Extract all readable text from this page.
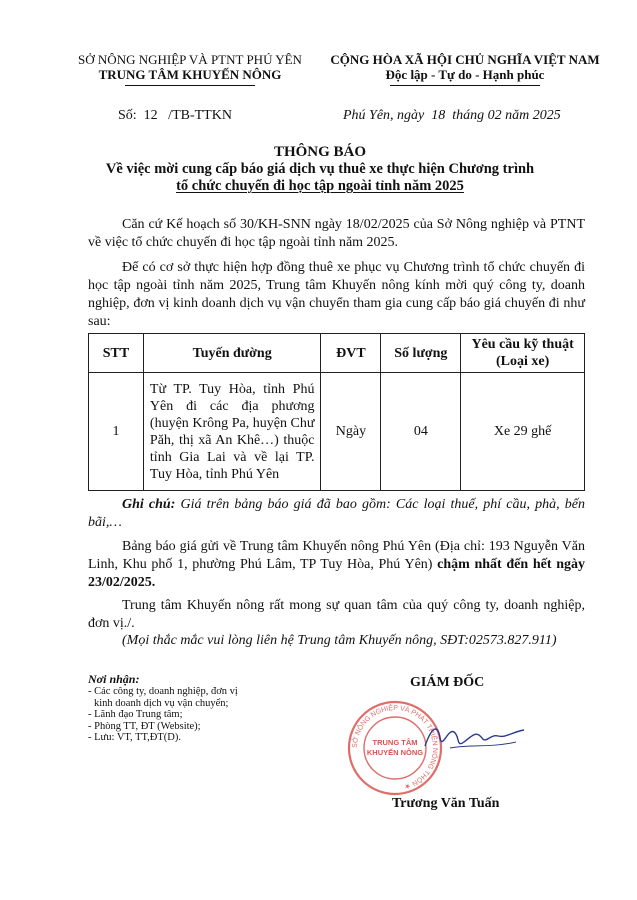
SỞ NÔNG NGHIỆP VÀ PTNT PHÚ YÊN
TRUNG TÂM KHUYẾN NÔNG
CỘNG HÒA XÃ HỘI CHỦ NGHĨA VIỆT NAM
Độc lập - Tự do - Hạnh phúc
Số:  12   /TB-TTKN	Phú Yên, ngày  18  tháng 02 năm 2025
THÔNG BÁO
Về việc mời cung cấp báo giá dịch vụ thuê xe thực hiện Chương trình
tổ chức chuyến đi học tập ngoài tỉnh năm 2025
Căn cứ Kế hoạch số 30/KH-SNN ngày 18/02/2025 của Sở Nông nghiệp và PTNT về việc tổ chức chuyến đi học tập ngoài tỉnh năm 2025.
Để có cơ sở thực hiện hợp đồng thuê xe phục vụ Chương trình tổ chức chuyến đi học tập ngoài tỉnh năm 2025, Trung tâm Khuyến nông kính mời quý công ty, doanh nghiệp, đơn vị kinh doanh dịch vụ vận chuyển tham gia cung cấp báo giá chuyến đi như sau:
STT	Tuyến đường	ĐVT	Số lượng	Yêu cầu kỹ thuật
(Loại xe)

1	Từ TP. Tuy Hòa, tỉnh Phú Yên đi các địa phương (huyện Krông Pa, huyện Chư Păh, thị xã An Khê…) thuộc tỉnh Gia Lai và về lại TP. Tuy Hòa, tỉnh Phú Yên	Ngày	04	Xe 29 ghế
Ghi chú: Giá trên bảng báo giá đã bao gồm: Các loại thuế, phí cầu, phà, bến bãi,…
Bảng báo giá gửi về Trung tâm Khuyến nông Phú Yên (Địa chỉ: 193 Nguyễn Văn Linh, Khu phố 1, phường Phú Lâm, TP Tuy Hòa, Phú Yên) chậm nhất đến hết ngày 23/02/2025.
Trung tâm Khuyến nông rất mong sự quan tâm của quý công ty, doanh nghiệp, đơn vị./.
(Mọi thắc mắc vui lòng liên hệ Trung tâm Khuyến nông, SĐT:02573.827.911)
Nơi nhận:
- Các công ty, doanh nghiệp, đơn vị
kinh doanh dịch vụ vận chuyển;
- Lãnh đạo Trung tâm;
- Phòng TT, ĐT (Website);
- Lưu: VT, TT,ĐT(D).
GIÁM ĐỐC
SỞ NÔNG NGHIỆP VÀ PHÁT TRIỂN NÔNG THÔN ★
TRUNG TÂM
KHUYẾN NÔNG
Trương Văn Tuấn
